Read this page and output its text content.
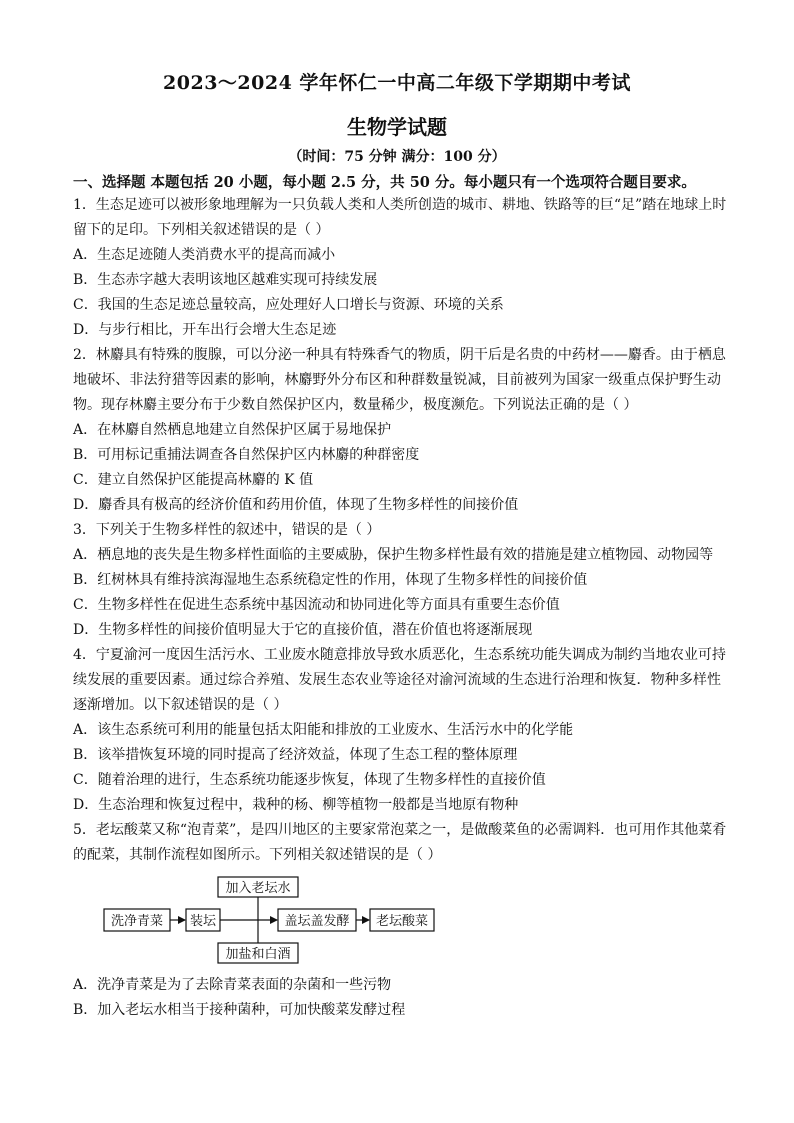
2023～2024 学年怀仁一中高二年级下学期期中考试
生物学试题
（时间：75 分钟 满分：100 分）
一、选择题 本题包括 20 小题，每小题 2.5 分，共 50 分。每小题只有一个选项符合题目要求。
1．生态足迹可以被形象地理解为一只负载人类和人类所创造的城市、耕地、铁路等的巨“足”踏在地球上时
留下的足印。下列相关叙述错误的是（ ）
A．生态足迹随人类消费水平的提高而减小
B．生态赤字越大表明该地区越难实现可持续发展
C．我国的生态足迹总量较高，应处理好人口增长与资源、环境的关系
D．与步行相比，开车出行会增大生态足迹
2．林麝具有特殊的腹腺，可以分泌一种具有特殊香气的物质，阴干后是名贵的中药材——麝香。由于栖息
地破坏、非法狩猎等因素的影响，林麝野外分布区和种群数量锐减，目前被列为国家一级重点保护野生动
物。现存林麝主要分布于少数自然保护区内，数量稀少，极度濒危。下列说法正确的是（ ）
A．在林麝自然栖息地建立自然保护区属于易地保护
B．可用标记重捕法调查各自然保护区内林麝的种群密度
C．建立自然保护区能提高林麝的 K 值
D．麝香具有极高的经济价值和药用价值，体现了生物多样性的间接价值
3．下列关于生物多样性的叙述中，错误的是（ ）
A．栖息地的丧失是生物多样性面临的主要威胁，保护生物多样性最有效的措施是建立植物园、动物园等
B．红树林具有维持滨海湿地生态系统稳定性的作用，体现了生物多样性的间接价值
C．生物多样性在促进生态系统中基因流动和协同进化等方面具有重要生态价值
D．生物多样性的间接价值明显大于它的直接价值，潜在价值也将逐渐展现
4．宁夏渝河一度因生活污水、工业废水随意排放导致水质恶化，生态系统功能失调成为制约当地农业可持
续发展的重要因素。通过综合养殖、发展生态农业等途径对渝河流域的生态进行治理和恢复．物种多样性
逐渐增加。以下叙述错误的是（ ）
A．该生态系统可利用的能量包括太阳能和排放的工业废水、生活污水中的化学能
B．该举措恢复环境的同时提高了经济效益，体现了生态工程的整体原理
C．随着治理的进行，生态系统功能逐步恢复，体现了生物多样性的直接价值
D．生态治理和恢复过程中，栽种的杨、柳等植物一般都是当地原有物种
5．老坛酸菜又称“泡青菜”，是四川地区的主要家常泡菜之一，是做酸菜鱼的必需调料．也可用作其他菜肴
的配菜，其制作流程如图所示。下列相关叙述错误的是（ ）
洗净青菜 装坛
加入老坛水
加盐和白酒
盖坛盖发酵 老坛酸菜
A．洗净青菜是为了去除青菜表面的杂菌和一些污物
B．加入老坛水相当于接种菌种，可加快酸菜发酵过程
